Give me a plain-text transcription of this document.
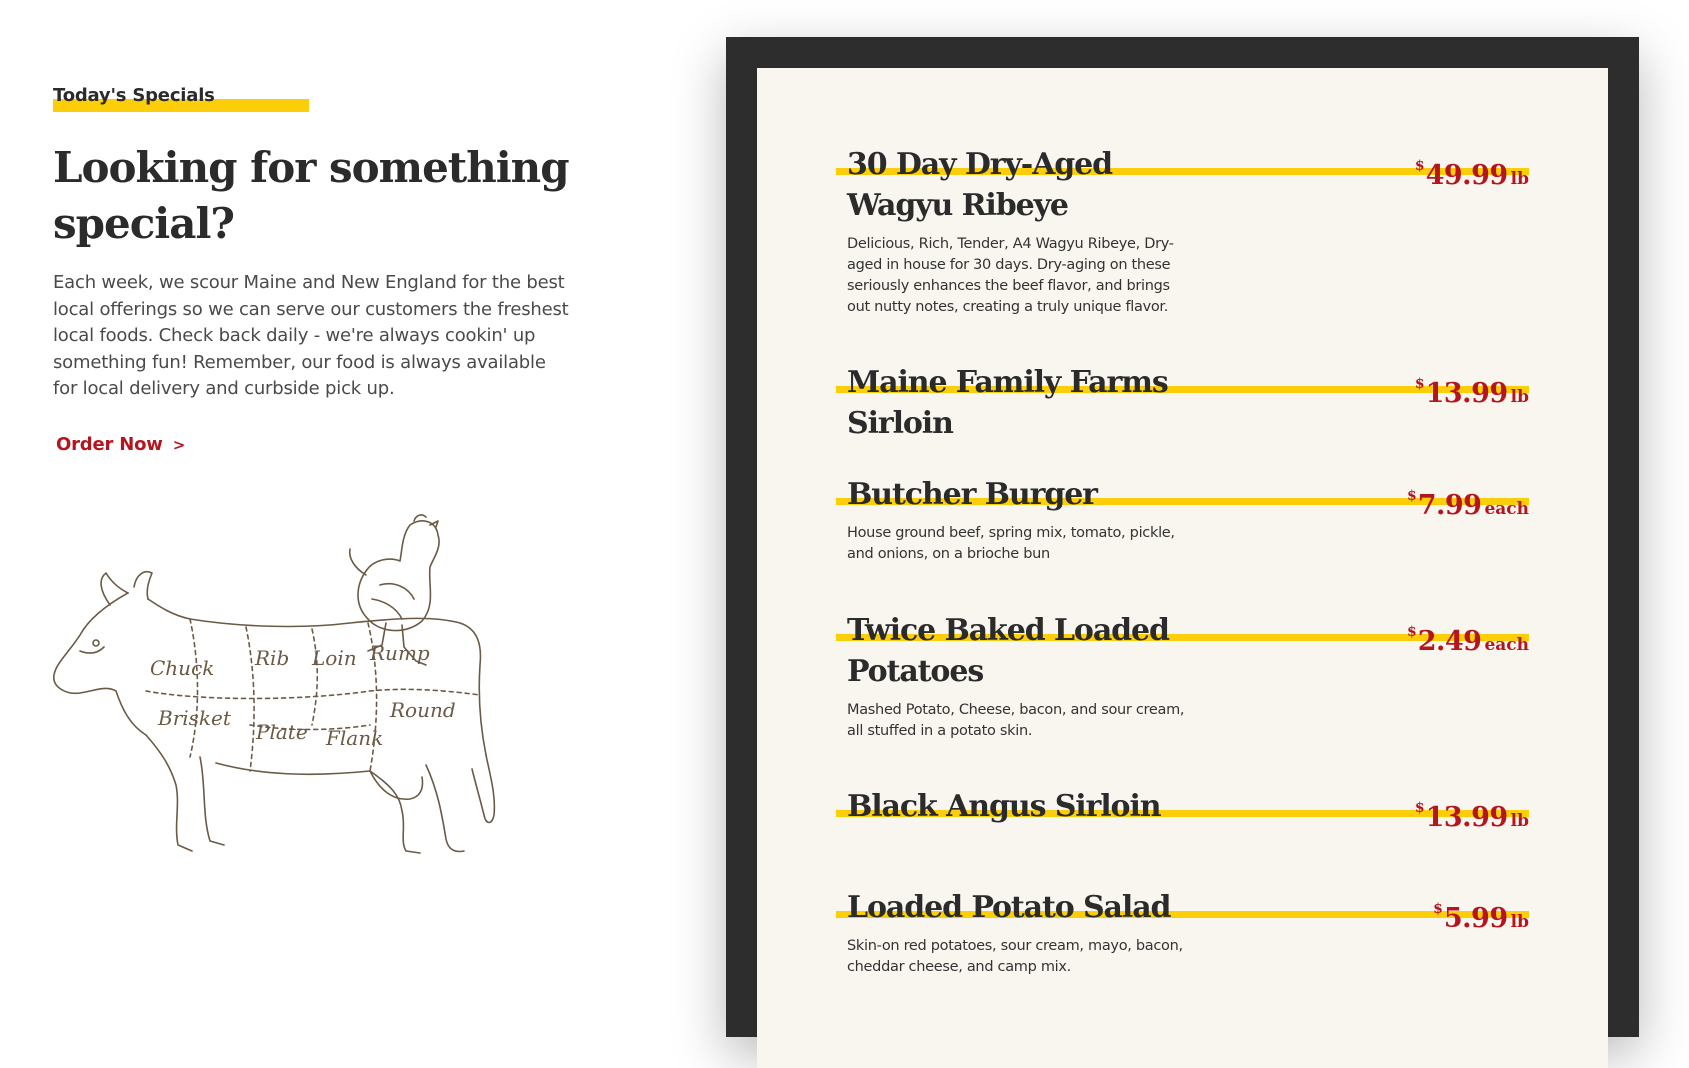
Today's Specials
Looking for something special?

Each week, we scour Maine and New England for the best local offerings so we can serve our customers the freshest local foods. Check back daily - we're always cookin' up something fun! Remember, our food is always available for local delivery and curbside pick up.

Order Now >
Chuck Rib Loin Rump
Brisket
Plate Flank
Round
30 Day Dry-Aged Wagyu Ribeye
$49.99 lb

Delicious, Rich, Tender, A4 Wagyu Ribeye, Dry-aged in house for 30 days. Dry-aging on these seriously enhances the beef flavor, and brings out nutty notes, creating a truly unique flavor.

Maine Family Farms Sirloin
$13.99 lb
Butcher Burger	$7.99 each

House ground beef, spring mix, tomato, pickle, and onions, on a brioche bun

Twice Baked Loaded Potatoes
$2.49 each

Mashed Potato, Cheese, bacon, and sour cream, all stuffed in a potato skin.

Black Angus Sirloin	$13.99 lb
Loaded Potato Salad	$5.99 lb

Skin-on red potatoes, sour cream, mayo, bacon, cheddar cheese, and camp mix.
